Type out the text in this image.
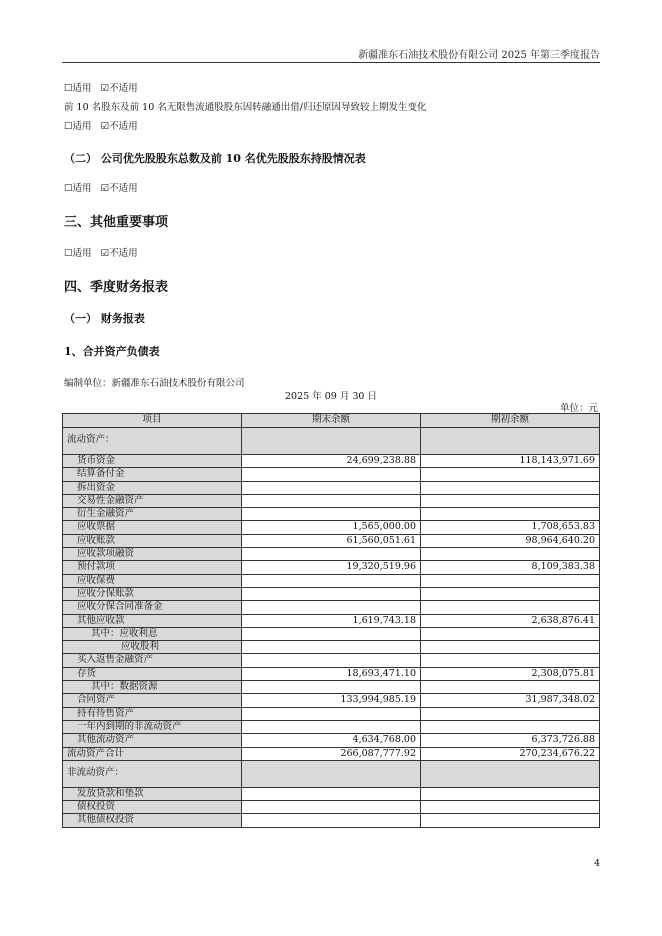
新疆准东石油技术股份有限公司 2025 年第三季度报告
☐适用 ☑不适用
前 10 名股东及前 10 名无限售流通股股东因转融通出借/归还原因导致较上期发生变化
☐适用 ☑不适用
（二） 公司优先股股东总数及前 10 名优先股股东持股情况表
☐适用 ☑不适用
三、其他重要事项
☐适用 ☑不适用
四、季度财务报表
（一） 财务报表
1、合并资产负债表
编制单位：新疆准东石油技术股份有限公司
2025 年 09 月 30 日
单位：元
项目	期末余额	期初余额
流动资产：		
货币资金	24,699,238.88	118,143,971.69
结算备付金		
拆出资金		
交易性金融资产		
衍生金融资产		
应收票据	1,565,000.00	1,708,653.83
应收账款	61,560,051.61	98,964,640.20
应收款项融资		
预付款项	19,320,519.96	8,109,383.38
应收保费		
应收分保账款		
应收分保合同准备金		
其他应收款	1,619,743.18	2,638,876.41
其中：应收利息		
应收股利		
买入返售金融资产		
存货	18,693,471.10	2,308,075.81
其中：数据资源		
合同资产	133,994,985.19	31,987,348.02
持有待售资产		
一年内到期的非流动资产		
其他流动资产	4,634,768.00	6,373,726.88
流动资产合计	266,087,777.92	270,234,676.22
非流动资产：		
发放贷款和垫款		
债权投资		
其他债权投资		
4
